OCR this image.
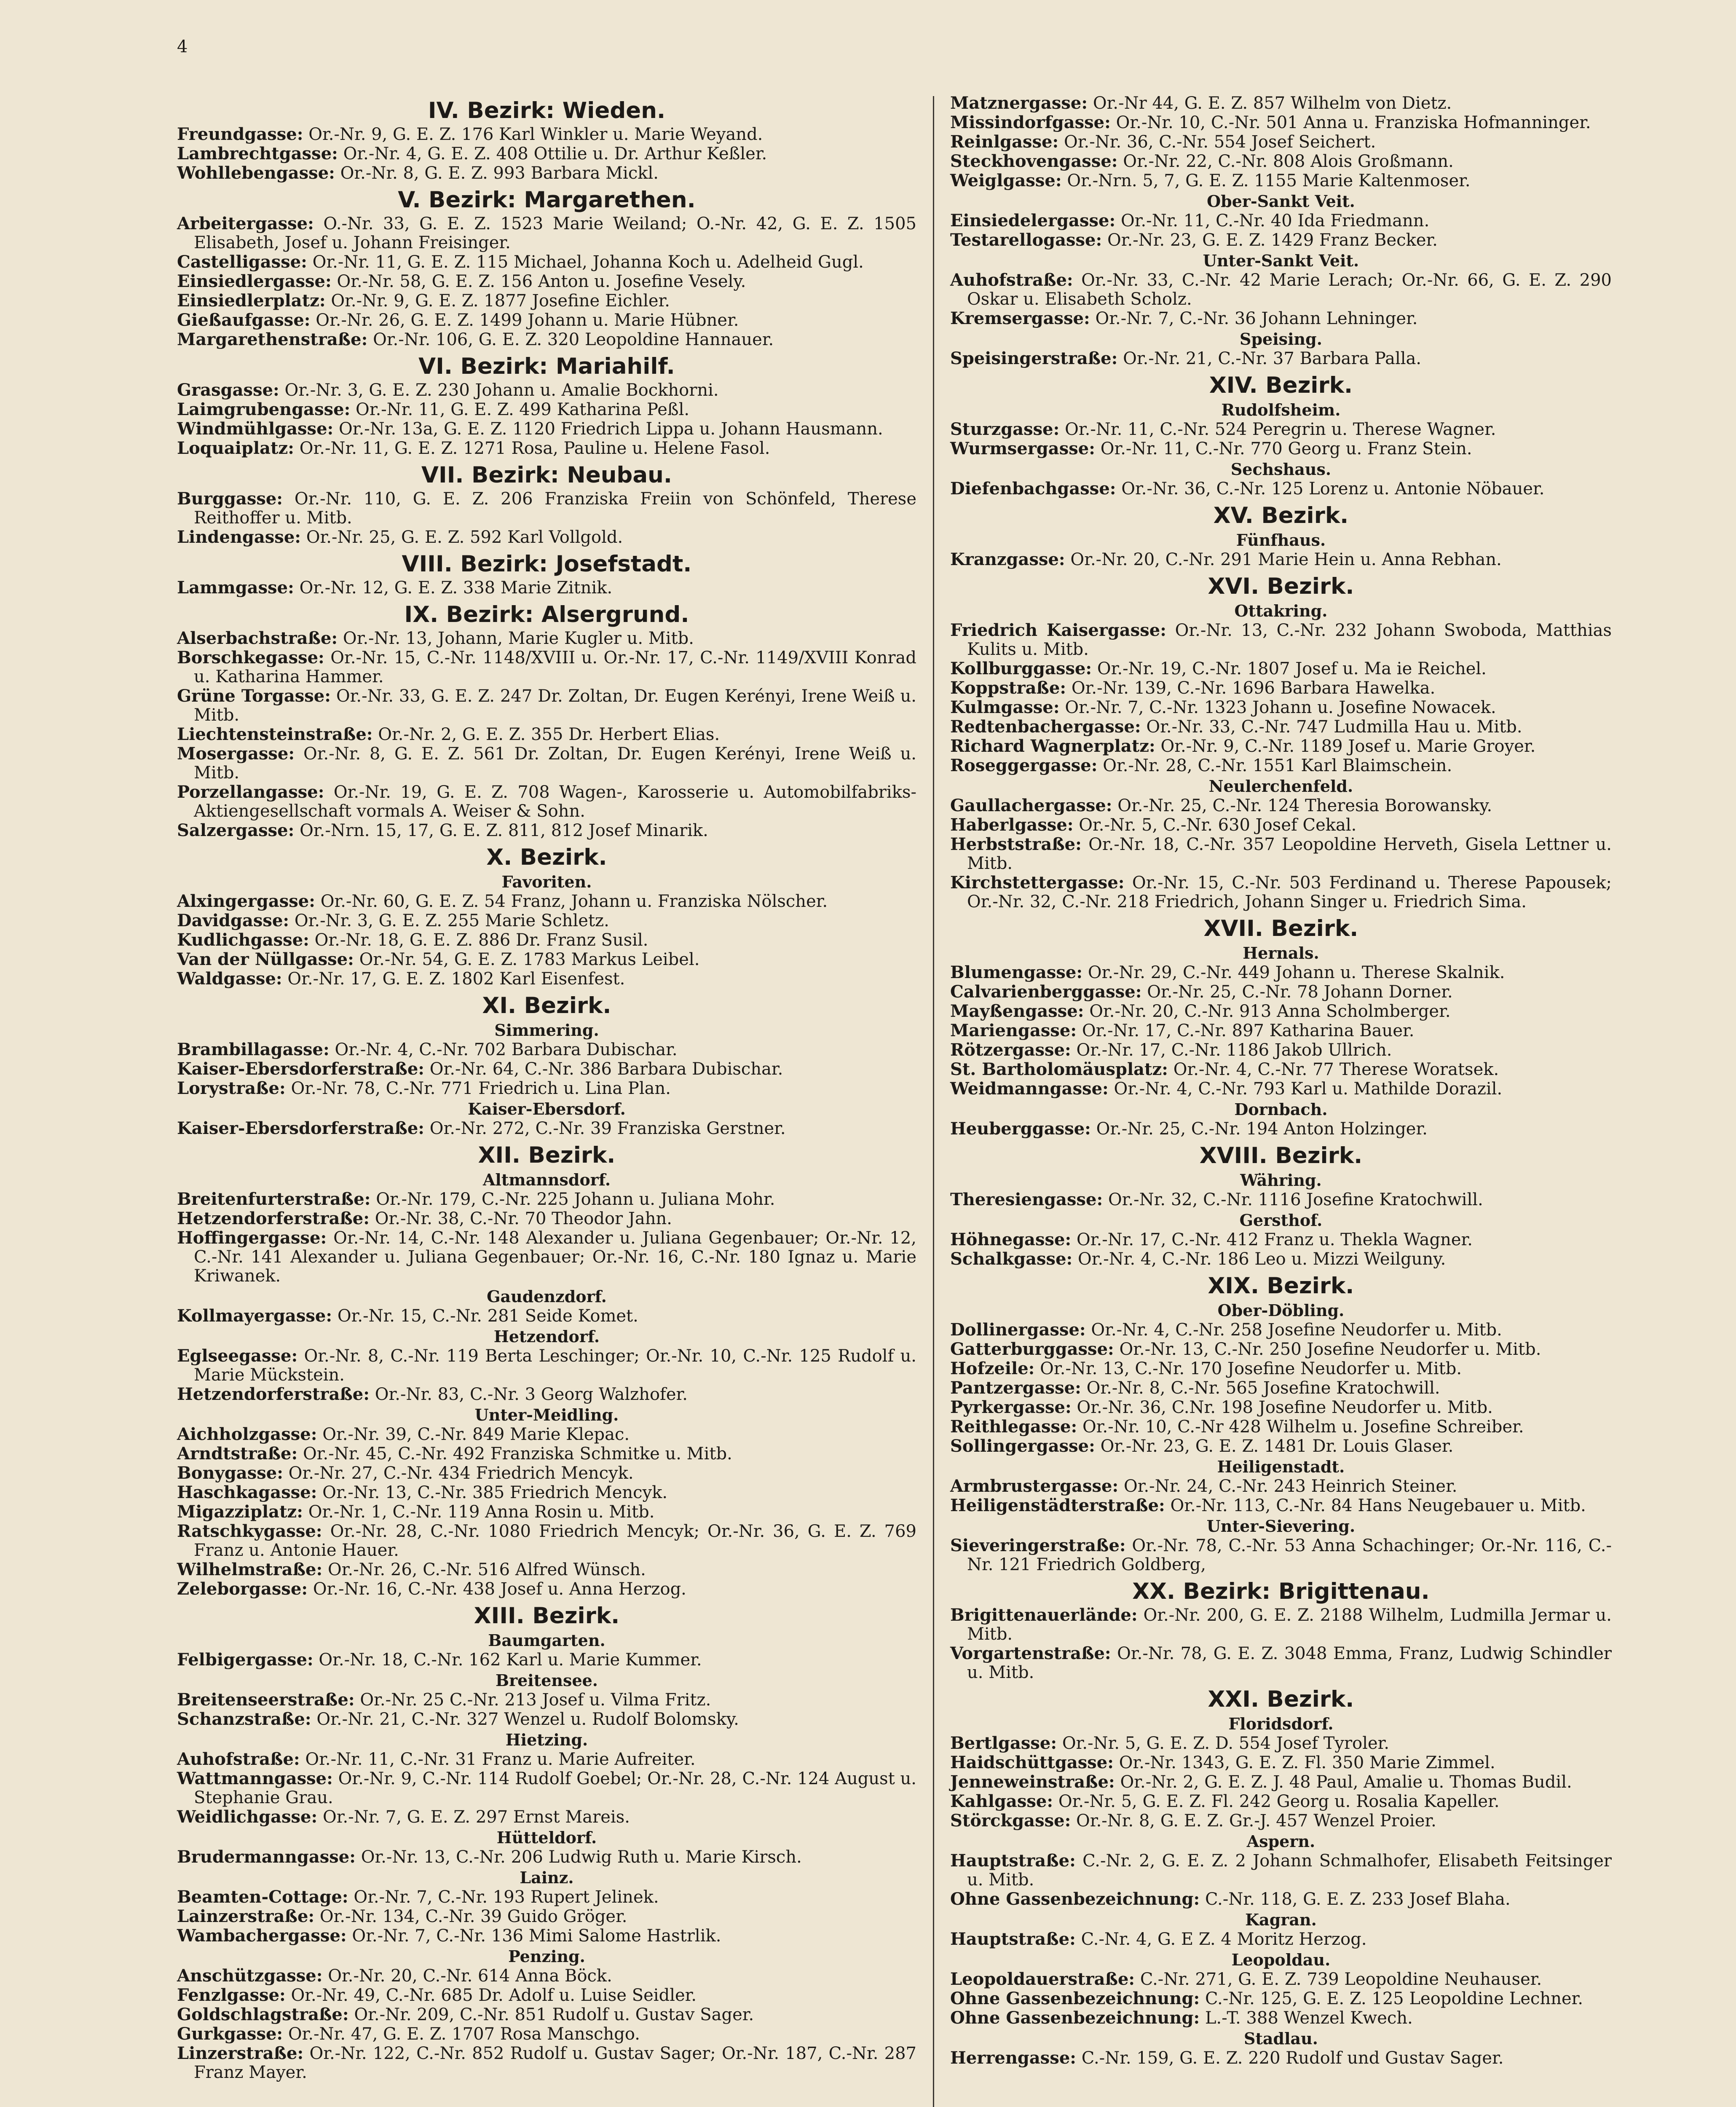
4
IV. Bezirk: Wieden.
Freundgasse: Or.-Nr. 9, G. E. Z. 176 Karl Winkler u. Marie Weyand.
Lambrechtgasse: Or.-Nr. 4, G. E. Z. 408 Ottilie u. Dr. Arthur Keßler.
Wohllebengasse: Or.-Nr. 8, G. E. Z. 993 Barbara Mickl.
V. Bezirk: Margarethen.
Arbeitergasse: O.-Nr. 33, G. E. Z. 1523 Marie Weiland; O.-Nr. 42, G. E. Z. 1505 Elisabeth, Josef u. Johann Freisinger.
Castelligasse: Or.-Nr. 11, G. E. Z. 115 Michael, Johanna Koch u. Adelheid Gugl.
Einsiedlergasse: Or.-Nr. 58, G. E. Z. 156 Anton u. Josefine Vesely.
Einsiedlerplatz: Or.-Nr. 9, G. E. Z. 1877 Josefine Eichler.
Gießaufgasse: Or.-Nr. 26, G. E. Z. 1499 Johann u. Marie Hübner.
Margarethenstraße: Or.-Nr. 106, G. E. Z. 320 Leopoldine Hannauer.
VI. Bezirk: Mariahilf.
Grasgasse: Or.-Nr. 3, G. E. Z. 230 Johann u. Amalie Bockhorni.
Laimgrubengasse: Or.-Nr. 11, G. E. Z. 499 Katharina Peßl.
Windmühlgasse: Or.-Nr. 13a, G. E. Z. 1120 Friedrich Lippa u. Johann Hausmann.
Loquaiplatz: Or.-Nr. 11, G. E. Z. 1271 Rosa, Pauline u. Helene Fasol.
VII. Bezirk: Neubau.
Burggasse: Or.-Nr. 110, G. E. Z. 206 Franziska Freiin von Schönfeld, Therese Reithoffer u. Mitb.
Lindengasse: Or.-Nr. 25, G. E. Z. 592 Karl Vollgold.
VIII. Bezirk: Josefstadt.
Lammgasse: Or.-Nr. 12, G. E. Z. 338 Marie Zitnik.
IX. Bezirk: Alsergrund.
Alserbachstraße: Or.-Nr. 13, Johann, Marie Kugler u. Mitb.
Borschkegasse: Or.-Nr. 15, C.-Nr. 1148/XVIII u. Or.-Nr. 17, C.-Nr. 1149/XVIII Konrad u. Katharina Hammer.
Grüne Torgasse: Or.-Nr. 33, G. E. Z. 247 Dr. Zoltan, Dr. Eugen Kerényi, Irene Weiß u. Mitb.
Liechtensteinstraße: Or.-Nr. 2, G. E. Z. 355 Dr. Herbert Elias.
Mosergasse: Or.-Nr. 8, G. E. Z. 561 Dr. Zoltan, Dr. Eugen Kerényi, Irene Weiß u. Mitb.
Porzellangasse: Or.-Nr. 19, G. E. Z. 708 Wagen-, Karosserie u. Automobilfabriks-Aktiengesellschaft vormals A. Weiser & Sohn.
Salzergasse: Or.-Nrn. 15, 17, G. E. Z. 811, 812 Josef Minarik.
X. Bezirk.
Favoriten.
Alxingergasse: Or.-Nr. 60, G. E. Z. 54 Franz, Johann u. Franziska Nölscher.
Davidgasse: Or.-Nr. 3, G. E. Z. 255 Marie Schletz.
Kudlichgasse: Or.-Nr. 18, G. E. Z. 886 Dr. Franz Susil.
Van der Nüllgasse: Or.-Nr. 54, G. E. Z. 1783 Markus Leibel.
Waldgasse: Or.-Nr. 17, G. E. Z. 1802 Karl Eisenfest.
XI. Bezirk.
Simmering.
Brambillagasse: Or.-Nr. 4, C.-Nr. 702 Barbara Dubischar.
Kaiser-Ebersdorferstraße: Or.-Nr. 64, C.-Nr. 386 Barbara Dubischar.
Lorystraße: Or.-Nr. 78, C.-Nr. 771 Friedrich u. Lina Plan.
Kaiser-Ebersdorf.
Kaiser-Ebersdorferstraße: Or.-Nr. 272, C.-Nr. 39 Franziska Gerstner.
XII. Bezirk.
Altmannsdorf.
Breitenfurterstraße: Or.-Nr. 179, C.-Nr. 225 Johann u. Juliana Mohr.
Hetzendorferstraße: Or.-Nr. 38, C.-Nr. 70 Theodor Jahn.
Hoffingergasse: Or.-Nr. 14, C.-Nr. 148 Alexander u. Juliana Gegenbauer; Or.-Nr. 12, C.-Nr. 141 Alexander u. Juliana Gegenbauer; Or.-Nr. 16, C.-Nr. 180 Ignaz u. Marie Kriwanek.
Gaudenzdorf.
Kollmayergasse: Or.-Nr. 15, C.-Nr. 281 Seide Komet.
Hetzendorf.
Eglseegasse: Or.-Nr. 8, C.-Nr. 119 Berta Leschinger; Or.-Nr. 10, C.-Nr. 125 Rudolf u. Marie Mückstein.
Hetzendorferstraße: Or.-Nr. 83, C.-Nr. 3 Georg Walzhofer.
Unter-Meidling.
Aichholzgasse: Or.-Nr. 39, C.-Nr. 849 Marie Klepac.
Arndtstraße: Or.-Nr. 45, C.-Nr. 492 Franziska Schmitke u. Mitb.
Bonygasse: Or.-Nr. 27, C.-Nr. 434 Friedrich Mencyk.
Haschkagasse: Or.-Nr. 13, C.-Nr. 385 Friedrich Mencyk.
Migazziplatz: Or.-Nr. 1, C.-Nr. 119 Anna Rosin u. Mitb.
Ratschkygasse: Or.-Nr. 28, C.-Nr. 1080 Friedrich Mencyk; Or.-Nr. 36, G. E. Z. 769 Franz u. Antonie Hauer.
Wilhelmstraße: Or.-Nr. 26, C.-Nr. 516 Alfred Wünsch.
Zeleborgasse: Or.-Nr. 16, C.-Nr. 438 Josef u. Anna Herzog.
XIII. Bezirk.
Baumgarten.
Felbigergasse: Or.-Nr. 18, C.-Nr. 162 Karl u. Marie Kummer.
Breitensee.
Breitenseerstraße: Or.-Nr. 25 C.-Nr. 213 Josef u. Vilma Fritz.
Schanzstraße: Or.-Nr. 21, C.-Nr. 327 Wenzel u. Rudolf Bolomsky.
Hietzing.
Auhofstraße: Or.-Nr. 11, C.-Nr. 31 Franz u. Marie Aufreiter.
Wattmanngasse: Or.-Nr. 9, C.-Nr. 114 Rudolf Goebel; Or.-Nr. 28, C.-Nr. 124 August u. Stephanie Grau.
Weidlichgasse: Or.-Nr. 7, G. E. Z. 297 Ernst Mareis.
Hütteldorf.
Brudermanngasse: Or.-Nr. 13, C.-Nr. 206 Ludwig Ruth u. Marie Kirsch.
Lainz.
Beamten-Cottage: Or.-Nr. 7, C.-Nr. 193 Rupert Jelinek.
Lainzerstraße: Or.-Nr. 134, C.-Nr. 39 Guido Gröger.
Wambachergasse: Or.-Nr. 7, C.-Nr. 136 Mimi Salome Hastrlik.
Penzing.
Anschützgasse: Or.-Nr. 20, C.-Nr. 614 Anna Böck.
Fenzlgasse: Or.-Nr. 49, C.-Nr. 685 Dr. Adolf u. Luise Seidler.
Goldschlagstraße: Or.-Nr. 209, C.-Nr. 851 Rudolf u. Gustav Sager.
Gurkgasse: Or.-Nr. 47, G. E. Z. 1707 Rosa Manschgo.
Linzerstraße: Or.-Nr. 122, C.-Nr. 852 Rudolf u. Gustav Sager; Or.-Nr. 187, C.-Nr. 287 Franz Mayer.
Matznergasse: Or.-Nr 44, G. E. Z. 857 Wilhelm von Dietz.
Missindorfgasse: Or.-Nr. 10, C.-Nr. 501 Anna u. Franziska Hofmanninger.
Reinlgasse: Or.-Nr. 36, C.-Nr. 554 Josef Seichert.
Steckhovengasse: Or.-Nr. 22, C.-Nr. 808 Alois Großmann.
Weiglgasse: Or.-Nrn. 5, 7, G. E. Z. 1155 Marie Kaltenmoser.
Ober-Sankt Veit.
Einsiedelergasse: Or.-Nr. 11, C.-Nr. 40 Ida Friedmann.
Testarellogasse: Or.-Nr. 23, G. E. Z. 1429 Franz Becker.
Unter-Sankt Veit.
Auhofstraße: Or.-Nr. 33, C.-Nr. 42 Marie Lerach; Or.-Nr. 66, G. E. Z. 290 Oskar u. Elisabeth Scholz.
Kremsergasse: Or.-Nr. 7, C.-Nr. 36 Johann Lehninger.
Speising.
Speisingerstraße: Or.-Nr. 21, C.-Nr. 37 Barbara Palla.
XIV. Bezirk.
Rudolfsheim.
Sturzgasse: Or.-Nr. 11, C.-Nr. 524 Peregrin u. Therese Wagner.
Wurmsergasse: Or.-Nr. 11, C.-Nr. 770 Georg u. Franz Stein.
Sechshaus.
Diefenbachgasse: Or.-Nr. 36, C.-Nr. 125 Lorenz u. Antonie Nöbauer.
XV. Bezirk.
Fünfhaus.
Kranzgasse: Or.-Nr. 20, C.-Nr. 291 Marie Hein u. Anna Rebhan.
XVI. Bezirk.
Ottakring.
Friedrich Kaisergasse: Or.-Nr. 13, C.-Nr. 232 Johann Swoboda, Matthias Kulits u. Mitb.
Kollburggasse: Or.-Nr. 19, C.-Nr. 1807 Josef u. Ma ie Reichel.
Koppstraße: Or.-Nr. 139, C.-Nr. 1696 Barbara Hawelka.
Kulmgasse: Or.-Nr. 7, C.-Nr. 1323 Johann u. Josefine Nowacek.
Redtenbachergasse: Or.-Nr. 33, C.-Nr. 747 Ludmilla Hau u. Mitb.
Richard Wagnerplatz: Or.-Nr. 9, C.-Nr. 1189 Josef u. Marie Groyer.
Roseggergasse: Or.-Nr. 28, C.-Nr. 1551 Karl Blaimschein.
Neulerchenfeld.
Gaullachergasse: Or.-Nr. 25, C.-Nr. 124 Theresia Borowansky.
Haberlgasse: Or.-Nr. 5, C.-Nr. 630 Josef Cekal.
Herbststraße: Or.-Nr. 18, C.-Nr. 357 Leopoldine Herveth, Gisela Lettner u. Mitb.
Kirchstettergasse: Or.-Nr. 15, C.-Nr. 503 Ferdinand u. Therese Papousek; Or.-Nr. 32, C.-Nr. 218 Friedrich, Johann Singer u. Friedrich Sima.
XVII. Bezirk.
Hernals.
Blumengasse: Or.-Nr. 29, C.-Nr. 449 Johann u. Therese Skalnik.
Calvarienberggasse: Or.-Nr. 25, C.-Nr. 78 Johann Dorner.
Mayßengasse: Or.-Nr. 20, C.-Nr. 913 Anna Scholmberger.
Mariengasse: Or.-Nr. 17, C.-Nr. 897 Katharina Bauer.
Rötzergasse: Or.-Nr. 17, C.-Nr. 1186 Jakob Ullrich.
St. Bartholomäusplatz: Or.-Nr. 4, C.-Nr. 77 Therese Woratsek.
Weidmanngasse: Or.-Nr. 4, C.-Nr. 793 Karl u. Mathilde Dorazil.
Dornbach.
Heuberggasse: Or.-Nr. 25, C.-Nr. 194 Anton Holzinger.
XVIII. Bezirk.
Währing.
Theresiengasse: Or.-Nr. 32, C.-Nr. 1116 Josefine Kratochwill.
Gersthof.
Höhnegasse: Or.-Nr. 17, C.-Nr. 412 Franz u. Thekla Wagner.
Schalkgasse: Or.-Nr. 4, C.-Nr. 186 Leo u. Mizzi Weilguny.
XIX. Bezirk.
Ober-Döbling.
Dollinergasse: Or.-Nr. 4, C.-Nr. 258 Josefine Neudorfer u. Mitb.
Gatterburggasse: Or.-Nr. 13, C.-Nr. 250 Josefine Neudorfer u. Mitb.
Hofzeile: Or.-Nr. 13, C.-Nr. 170 Josefine Neudorfer u. Mitb.
Pantzergasse: Or.-Nr. 8, C.-Nr. 565 Josefine Kratochwill.
Pyrkergasse: Or.-Nr. 36, C.Nr. 198 Josefine Neudorfer u. Mitb.
Reithlegasse: Or.-Nr. 10, C.-Nr 428 Wilhelm u. Josefine Schreiber.
Sollingergasse: Or.-Nr. 23, G. E. Z. 1481 Dr. Louis Glaser.
Heiligenstadt.
Armbrustergasse: Or.-Nr. 24, C.-Nr. 243 Heinrich Steiner.
Heiligenstädterstraße: Or.-Nr. 113, C.-Nr. 84 Hans Neugebauer u. Mitb.
Unter-Sievering.
Sieveringerstraße: Or.-Nr. 78, C.-Nr. 53 Anna Schachinger; Or.-Nr. 116, C.-Nr. 121 Friedrich Goldberg,
XX. Bezirk: Brigittenau.
Brigittenauerlände: Or.-Nr. 200, G. E. Z. 2188 Wilhelm, Ludmilla Jermar u. Mitb.
Vorgartenstraße: Or.-Nr. 78, G. E. Z. 3048 Emma, Franz, Ludwig Schindler u. Mitb.
XXI. Bezirk.
Floridsdorf.
Bertlgasse: Or.-Nr. 5, G. E. Z. D. 554 Josef Tyroler.
Haidschüttgasse: Or.-Nr. 1343, G. E. Z. Fl. 350 Marie Zimmel.
Jenneweinstraße: Or.-Nr. 2, G. E. Z. J. 48 Paul, Amalie u. Thomas Budil.
Kahlgasse: Or.-Nr. 5, G. E. Z. Fl. 242 Georg u. Rosalia Kapeller.
Störckgasse: Or.-Nr. 8, G. E. Z. Gr.-J. 457 Wenzel Proier.
Aspern.
Hauptstraße: C.-Nr. 2, G. E. Z. 2 Johann Schmalhofer, Elisabeth Feitsinger u. Mitb.
Ohne Gassenbezeichnung: C.-Nr. 118, G. E. Z. 233 Josef Blaha.
Kagran.
Hauptstraße: C.-Nr. 4, G. E Z. 4 Moritz Herzog.
Leopoldau.
Leopoldauerstraße: C.-Nr. 271, G. E. Z. 739 Leopoldine Neuhauser.
Ohne Gassenbezeichnung: C.-Nr. 125, G. E. Z. 125 Leopoldine Lechner.
Ohne Gassenbezeichnung: L.-T. 388 Wenzel Kwech.
Stadlau.
Herrengasse: C.-Nr. 159, G. E. Z. 220 Rudolf und Gustav Sager.
